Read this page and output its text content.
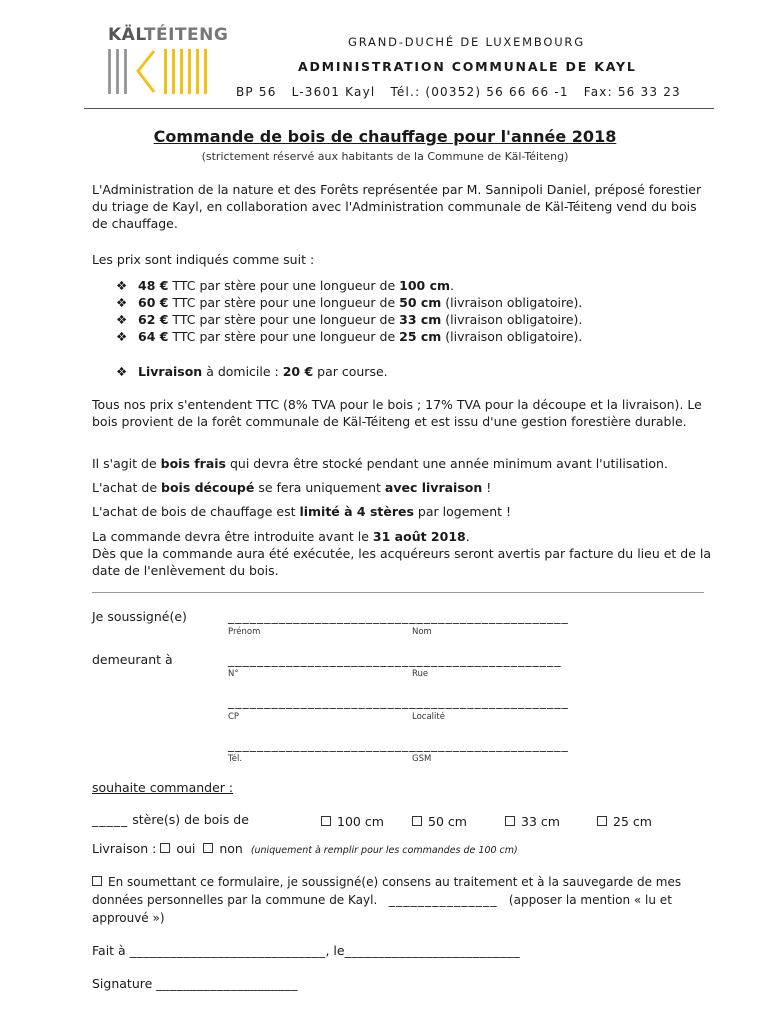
KÄLTÉITENG	GRAND-DUCHÉ DE LUXEMBOURG
ADMINISTRATION COMMUNALE DE KAYL
BP 56   L-3601 Kayl   Tél.: (00352) 56 66 66 -1   Fax: 56 33 23
Commande de bois de chauffage pour l'année 2018
(strictement réservé aux habitants de la Commune de Käl-Téiteng)
L'Administration de la nature et des Forêts représentée par M. Sannipoli Daniel, préposé forestier du triage de Kayl, en collaboration avec l'Administration communale de Käl-Téiteng vend du bois de chauffage.
Les prix sont indiqués comme suit :
❖ 48 € TTC par stère pour une longueur de 100 cm.
❖ 60 € TTC par stère pour une longueur de 50 cm (livraison obligatoire).
❖ 62 € TTC par stère pour une longueur de 33 cm (livraison obligatoire).
❖ 64 € TTC par stère pour une longueur de 25 cm (livraison obligatoire).
❖ Livraison à domicile : 20 € par course.
Tous nos prix s'entendent TTC (8% TVA pour le bois ; 17% TVA pour la découpe et la livraison). Le bois provient de la forêt communale de Käl-Téiteng et est issu d'une gestion forestière durable.
Il s'agit de bois frais qui devra être stocké pendant une année minimum avant l'utilisation.
L'achat de bois découpé se fera uniquement avec livraison !
L'achat de bois de chauffage est limité à 4 stères par logement !
La commande devra être introduite avant le 31 août 2018.
Dès que la commande aura été exécutée, les acquéreurs seront avertis par facture du lieu et de la date de l'enlèvement du bois.
Je soussigné(e)	_______________________________________________
Prénom	Nom
demeurant à	______________________________________________
N°	Rue
_______________________________________________
CP	Localité
_______________________________________________
Tél.	GSM
souhaite commander :
_____ stère(s) de bois de	100 cm	50 cm	33 cm	25 cm
Livraison : oui non (uniquement à remplir pour les commandes de 100 cm)
En soumettant ce formulaire, je soussigné(e) consens au traitement et à la sauvegarde de mes données personnelles par la commune de Kayl. _______________ (apposer la mention « lu et approuvé »)
Fait à _____________________________, le__________________________
Signature _____________________
